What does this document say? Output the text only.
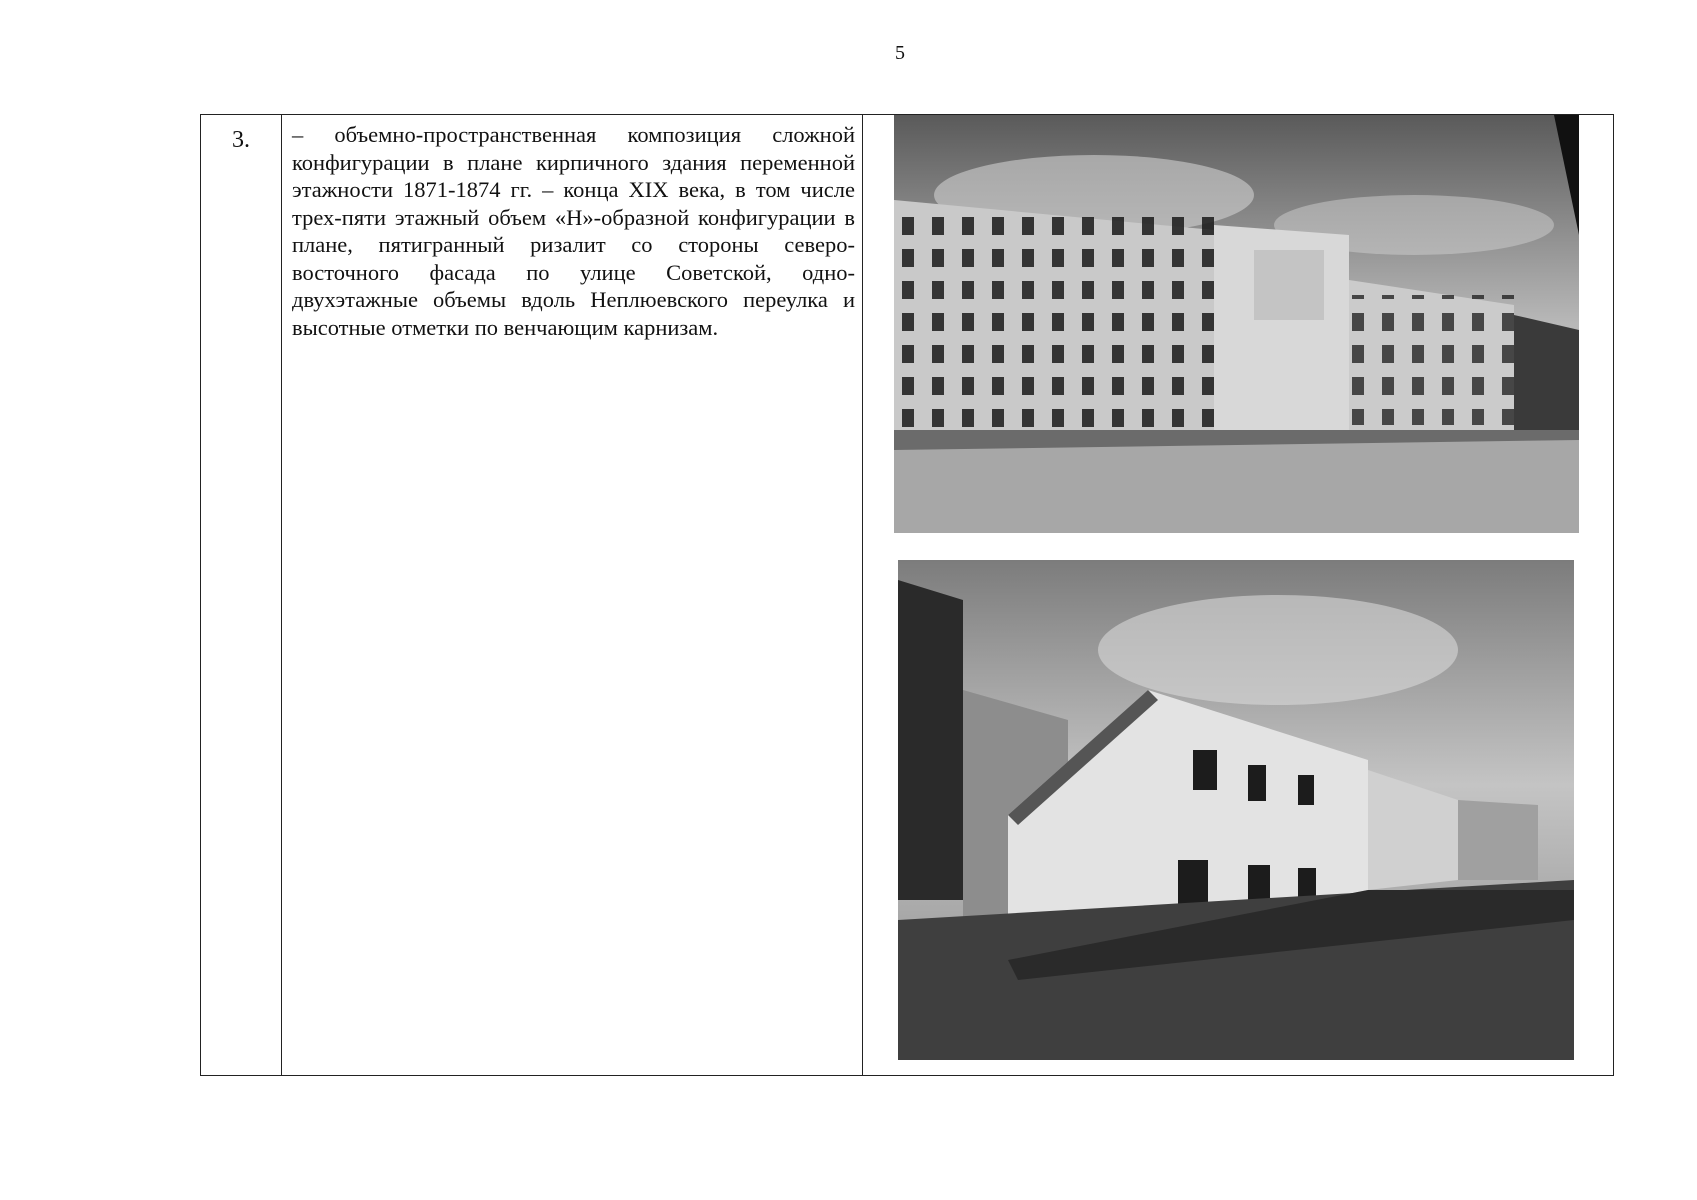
5
3.	– объемно-пространственная композиция сложной конфигурации в плане кирпичного здания переменной этажности 1871-1874 гг. – конца XIX века, в том числе трех-пяти этажный объем «Н»-образной конфигурации в плане, пятигранный ризалит со стороны северо-восточного фасада по улице Советской, одно-двухэтажные объемы вдоль Неплюевского переулка и высотные отметки по венчающим карнизам.
